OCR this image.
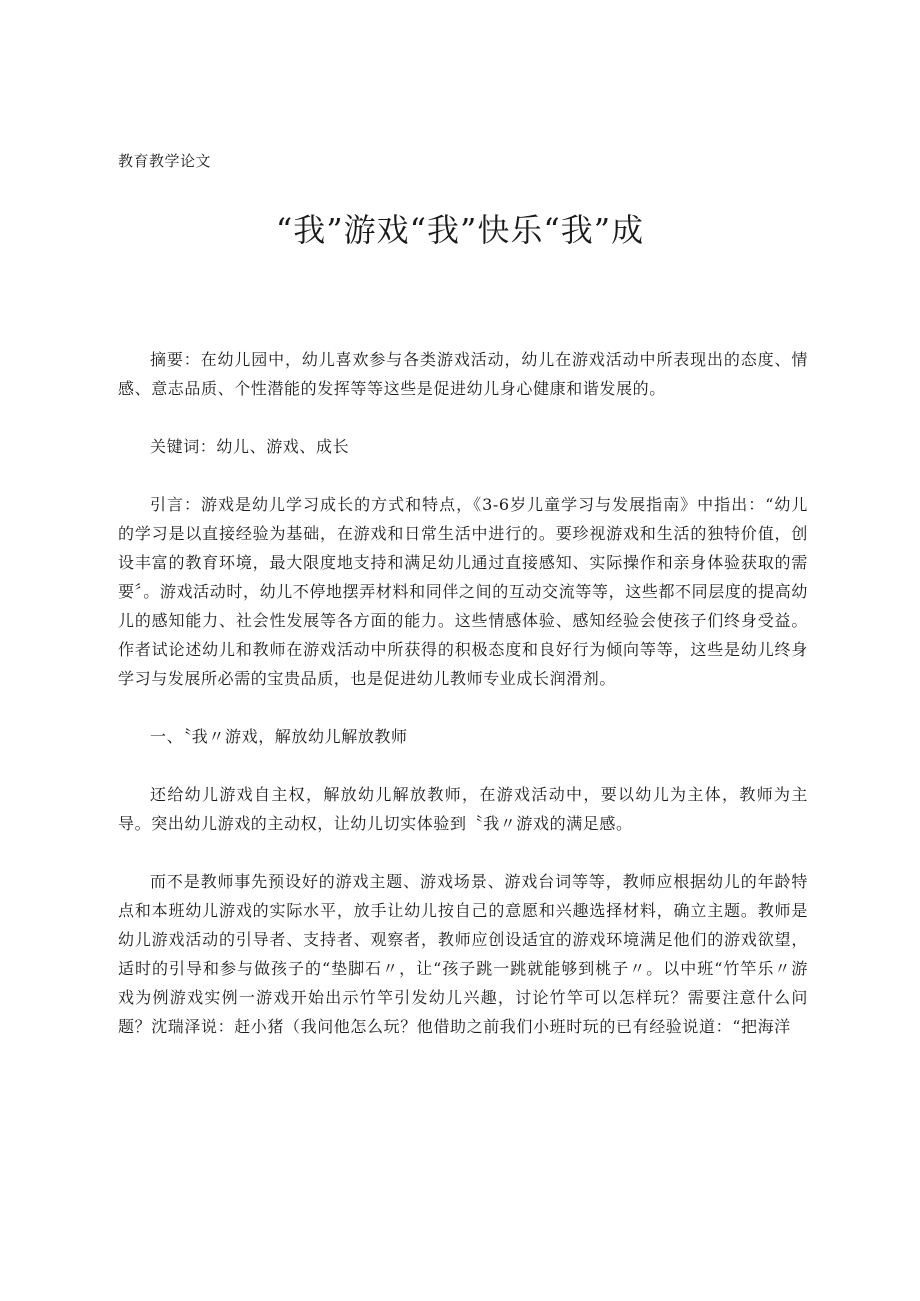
教育教学论文
“我”游戏“我”快乐“我”成

摘要：在幼儿园中，幼儿喜欢参与各类游戏活动，幼儿在游戏活动中所表现出的态度、情感、意志品质、个性潜能的发挥等等这些是促进幼儿身心健康和谐发展的。

关键词：幼儿、游戏、成长

引言：游戏是幼儿学习成长的方式和特点，《3-6岁儿童学习与发展指南》中指出：“幼儿的学习是以直接经验为基础，在游戏和日常生活中进行的。要珍视游戏和生活的独特价值，创设丰富的教育环境，最大限度地支持和满足幼儿通过直接感知、实际操作和亲身体验获取的需要〞。游戏活动时，幼儿不停地摆弄材料和同伴之间的互动交流等等，这些都不同层度的提高幼儿的感知能力、社会性发展等各方面的能力。这些情感体验、感知经验会使孩子们终身受益。作者试论述幼儿和教师在游戏活动中所获得的积极态度和良好行为倾向等等，这些是幼儿终身学习与发展所必需的宝贵品质，也是促进幼儿教师专业成长润滑剂。

一、〝我〃游戏，解放幼儿解放教师

还给幼儿游戏自主权，解放幼儿解放教师，在游戏活动中，要以幼儿为主体，教师为主导。突出幼儿游戏的主动权，让幼儿切实体验到〝我〃游戏的满足感。

而不是教师事先预设好的游戏主题、游戏场景、游戏台词等等，教师应根据幼儿的年龄特点和本班幼儿游戏的实际水平，放手让幼儿按自己的意愿和兴趣选择材料，确立主题。教师是幼儿游戏活动的引导者、支持者、观察者，教师应创设适宜的游戏环境满足他们的游戏欲望，适时的引导和参与做孩子的“垫脚石〃，让“孩子跳一跳就能够到桃子〃。以中班“竹竿乐〃游戏为例游戏实例一游戏开始出示竹竿引发幼儿兴趣，讨论竹竿可以怎样玩？需要注意什么问题？沈瑞泽说：赶小猪（我问他怎么玩？他借助之前我们小班时玩的已有经验说道：“把海洋
